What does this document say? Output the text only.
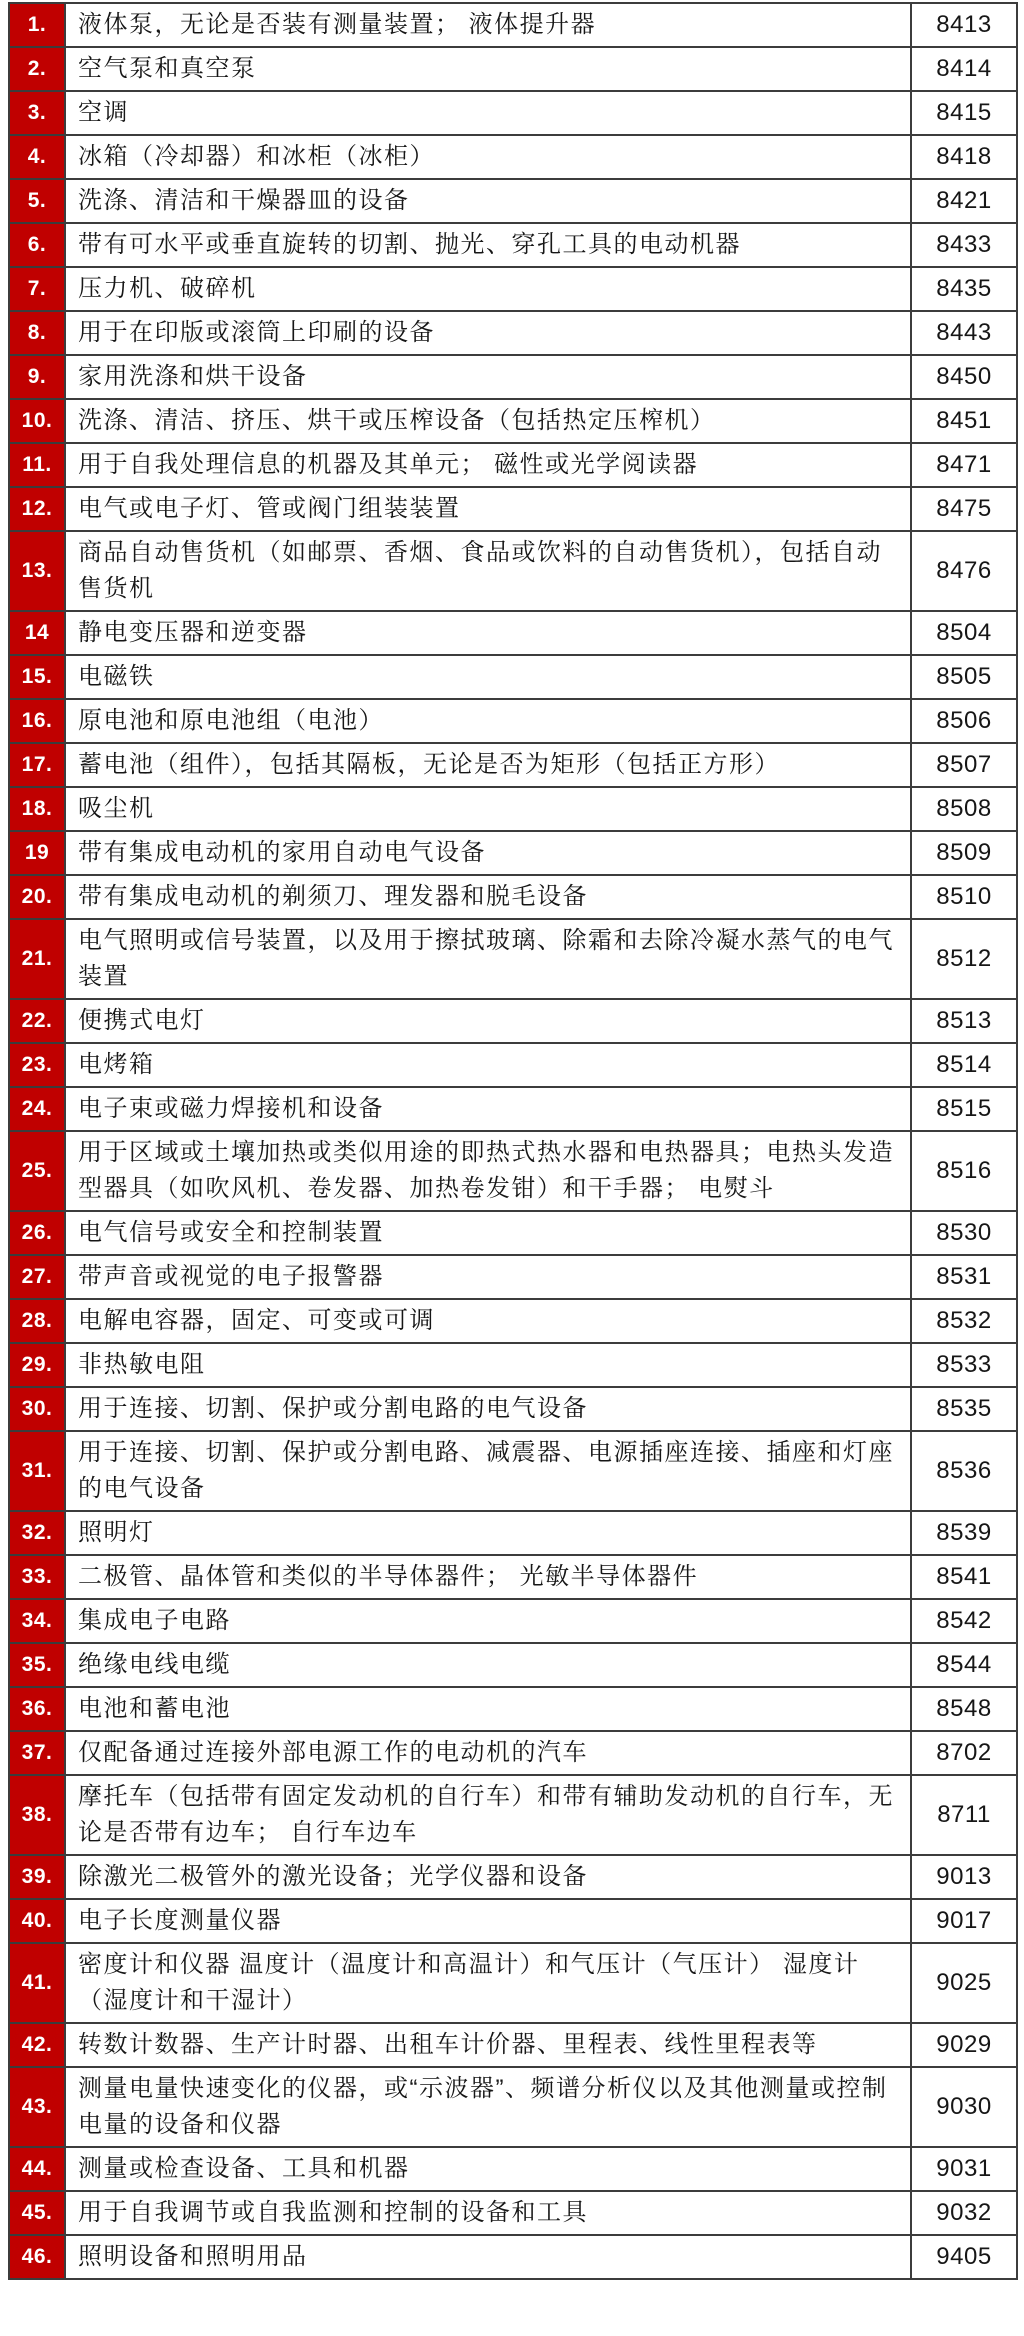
1.	液体泵，无论是否装有测量装置； 液体提升器	8413
2.	空气泵和真空泵	8414
3.	空调	8415
4.	冰箱（冷却器）和冰柜（冰柜）	8418
5.	洗涤、清洁和干燥器皿的设备	8421
6.	带有可水平或垂直旋转的切割、抛光、穿孔工具的电动机器	8433
7.	压力机、破碎机	8435
8.	用于在印版或滚筒上印刷的设备	8443
9.	家用洗涤和烘干设备	8450
10.	洗涤、清洁、挤压、烘干或压榨设备（包括热定压榨机）	8451
11.	用于自我处理信息的机器及其单元； 磁性或光学阅读器	8471
12.	电气或电子灯、管或阀门组装装置	8475
13.	商品自动售货机（如邮票、香烟、食品或饮料的自动售货机），包括自动售货机	8476
14	静电变压器和逆变器	8504
15.	电磁铁	8505
16.	原电池和原电池组（电池）	8506
17.	蓄电池（组件），包括其隔板，无论是否为矩形（包括正方形）	8507
18.	吸尘机	8508
19	带有集成电动机的家用自动电气设备	8509
20.	带有集成电动机的剃须刀、理发器和脱毛设备	8510
21.	电气照明或信号装置，以及用于擦拭玻璃、除霜和去除冷凝水蒸气的电气装置	8512
22.	便携式电灯	8513
23.	电烤箱	8514
24.	电子束或磁力焊接机和设备	8515
25.	用于区域或土壤加热或类似用途的即热式热水器和电热器具；电热头发造型器具（如吹风机、卷发器、加热卷发钳）和干手器； 电熨斗	8516
26.	电气信号或安全和控制装置	8530
27.	带声音或视觉的电子报警器	8531
28.	电解电容器，固定、可变或可调	8532
29.	非热敏电阻	8533
30.	用于连接、切割、保护或分割电路的电气设备	8535
31.	用于连接、切割、保护或分割电路、减震器、电源插座连接、插座和灯座的电气设备	8536
32.	照明灯	8539
33.	二极管、晶体管和类似的半导体器件； 光敏半导体器件	8541
34.	集成电子电路	8542
35.	绝缘电线电缆	8544
36.	电池和蓄电池	8548
37.	仅配备通过连接外部电源工作的电动机的汽车	8702
38.	摩托车（包括带有固定发动机的自行车）和带有辅助发动机的自行车，无论是否带有边车； 自行车边车	8711
39.	除激光二极管外的激光设备；光学仪器和设备	9013
40.	电子长度测量仪器	9017
41.	密度计和仪器 温度计（温度计和高温计）和气压计（气压计） 湿度计（湿度计和干湿计）	9025
42.	转数计数器、生产计时器、出租车计价器、里程表、线性里程表等	9029
43.	测量电量快速变化的仪器，或“示波器”、频谱分析仪以及其他测量或控制电量的设备和仪器	9030
44.	测量或检查设备、工具和机器	9031
45.	用于自我调节或自我监测和控制的设备和工具	9032
46.	照明设备和照明用品	9405
